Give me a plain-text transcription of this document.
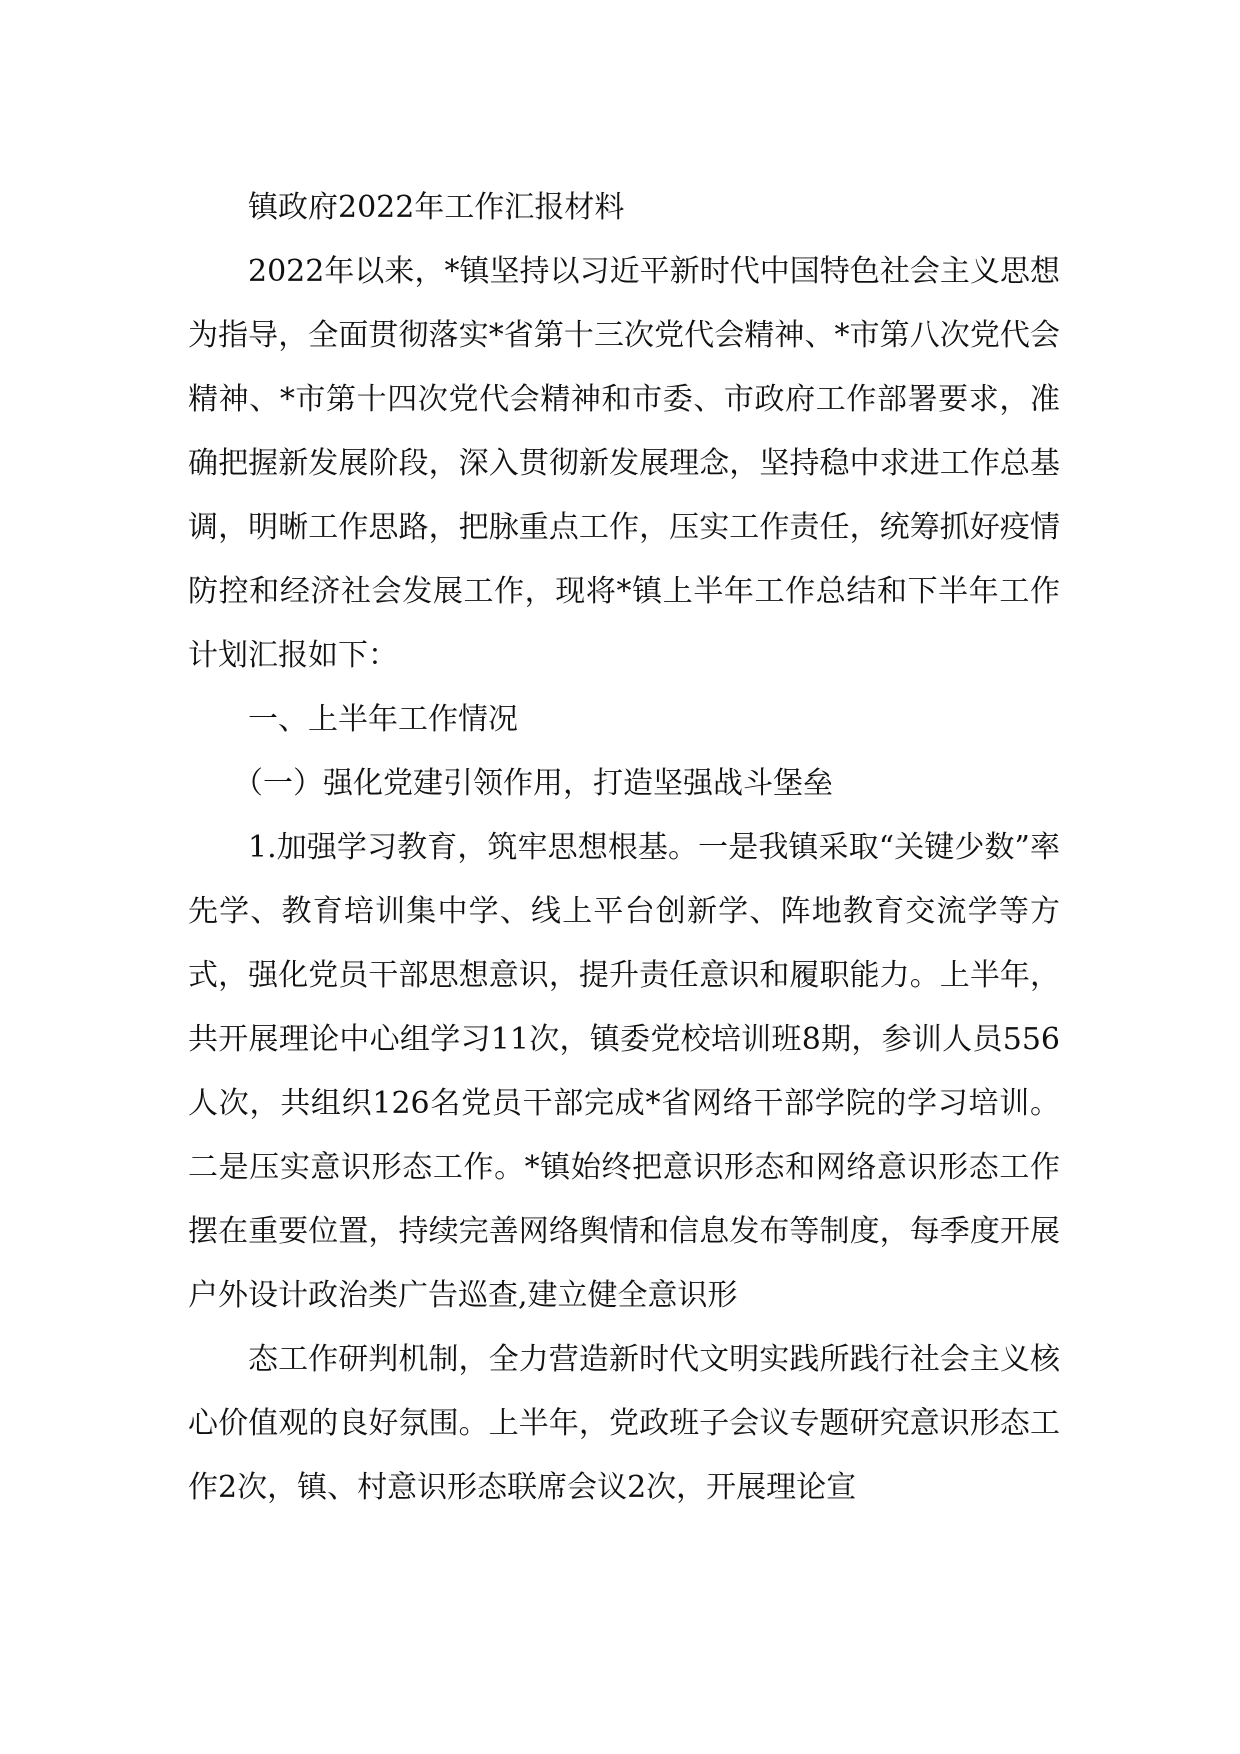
镇政府2022年工作汇报材料

2022年以来，*镇坚持以习近平新时代中国特色社会主义思想为指导，全面贯彻落实*省第十三次党代会精神、*市第八次党代会精神、*市第十四次党代会精神和市委、市政府工作部署要求，准确把握新发展阶段，深入贯彻新发展理念，坚持稳中求进工作总基调，明晰工作思路，把脉重点工作，压实工作责任，统筹抓好疫情防控和经济社会发展工作，现将*镇上半年工作总结和下半年工作计划汇报如下：

一、上半年工作情况

（一）强化党建引领作用，打造坚强战斗堡垒

1.加强学习教育，筑牢思想根基。一是我镇采取“关键少数”率先学、教育培训集中学、线上平台创新学、阵地教育交流学等方式，强化党员干部思想意识，提升责任意识和履职能力。上半年，共开展理论中心组学习11次，镇委党校培训班8期，参训人员556人次，共组织126名党员干部完成*省网络干部学院的学习培训。二是压实意识形态工作。*镇始终把意识形态和网络意识形态工作摆在重要位置，持续完善网络舆情和信息发布等制度，每季度开展户外设计政治类广告巡查,建立健全意识形

态工作研判机制，全力营造新时代文明实践所践行社会主义核心价值观的良好氛围。上半年，党政班子会议专题研究意识形态工作2次，镇、村意识形态联席会议2次，开展理论宣
